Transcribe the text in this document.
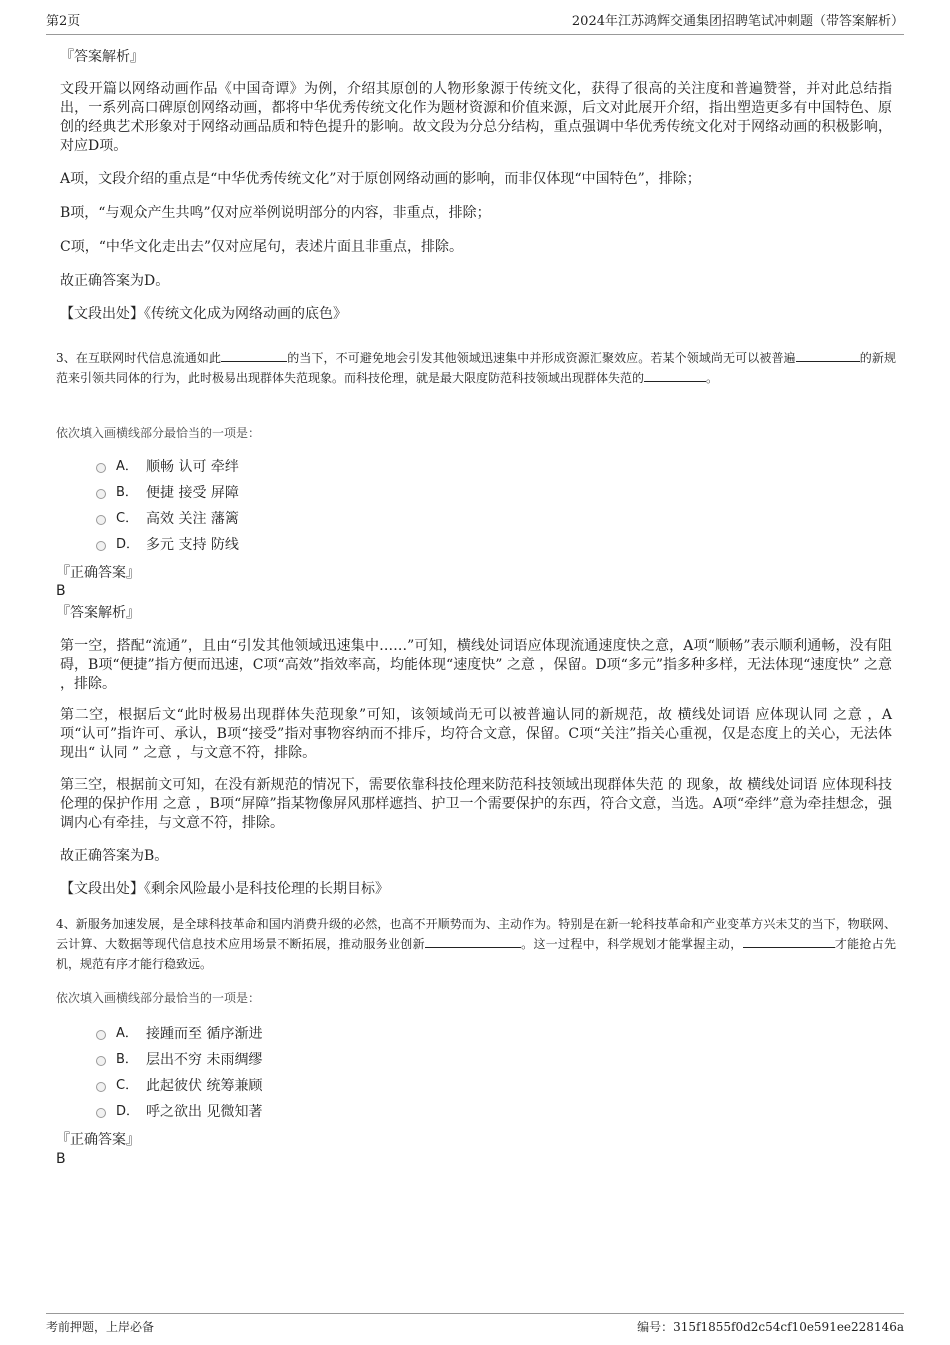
第2页	2024年江苏鸿辉交通集团招聘笔试冲刺题（带答案解析）
『答案解析』
文段开篇以网络动画作品《中国奇谭》为例，介绍其原创的人物形象源于传统文化，获得了很高的关注度和普遍赞誉，并对此总结指出，一系列高口碑原创网络动画，都将中华优秀传统文化作为题材资源和价值来源，后文对此展开介绍，指出塑造更多有中国特色、原创的经典艺术形象对于网络动画品质和特色提升的影响。故文段为分总分结构，重点强调中华优秀传统文化对于网络动画的积极影响，对应D项。
A项，文段介绍的重点是“中华优秀传统文化”对于原创网络动画的影响，而非仅体现“中国特色”，排除；
B项，“与观众产生共鸣”仅对应举例说明部分的内容，非重点，排除；
C项，“中华文化走出去”仅对应尾句，表述片面且非重点，排除。
故正确答案为D。
【文段出处】《传统文化成为网络动画的底色》
3、在互联网时代信息流通如此	的当下，不可避免地会引发其他领域迅速集中并形成资源汇聚效应。若某个领域尚无可以被普遍	的新规范来引领共同体的行为，此时极易出现群体失范现象。而科技伦理，就是最大限度防范科技领域出现群体失范的	。
依次填入画横线部分最恰当的一项是：
A． 顺畅 认可 牵绊
B． 便捷 接受 屏障
C． 高效 关注 藩篱
D． 多元 支持 防线
『正确答案』
B
『答案解析』
第一空，搭配“流通”，且由“引发其他领域迅速集中……”可知，横线处词语应体现流通速度快之意，A项“顺畅”表示顺利通畅，没有阻碍，B项“便捷”指方便而迅速，C项“高效”指效率高，均能体现“速度快” 之意 ，保留。D项“多元”指多种多样，无法体现“速度快” 之意 ，排除。
第二空，根据后文“此时极易出现群体失范现象”可知，该领域尚无可以被普遍认同的新规范，故 横线处词语 应体现认同 之意 ，A项“认可”指许可、承认，B项“接受”指对事物容纳而不排斥，均符合文意，保留。C项“关注”指关心重视，仅是态度上的关心，无法体现出“ 认同 ” 之意 ，与文意不符，排除。
第三空，根据前文可知，在没有新规范的情况下，需要依靠科技伦理来防范科技领域出现群体失范 的 现象，故 横线处词语 应体现科技伦理的保护作用 之意 ，B项“屏障”指某物像屏风那样遮挡、护卫一个需要保护的东西，符合文意，当选。A项“牵绊”意为牵挂想念，强调内心有牵挂，与文意不符，排除。
故正确答案为B。
【文段出处】《剩余风险最小是科技伦理的长期目标》
4、新服务加速发展，是全球科技革命和国内消费升级的必然，也高不开顺势而为、主动作为。特别是在新一轮科技革命和产业变革方兴未艾的当下，物联网、云计算、大数据等现代信息技术应用场景不断拓展，推动服务业创新	。这一过程中，科学规划才能掌握主动，	才能抢占先机，规范有序才能行稳致远。
依次填入画横线部分最恰当的一项是：
A． 接踵而至 循序渐进
B． 层出不穷 未雨绸缪
C． 此起彼伏 统筹兼顾
D． 呼之欲出 见微知著
『正确答案』
B
考前押题，上岸必备	编号：315f1855f0d2c54cf10e591ee228146a
